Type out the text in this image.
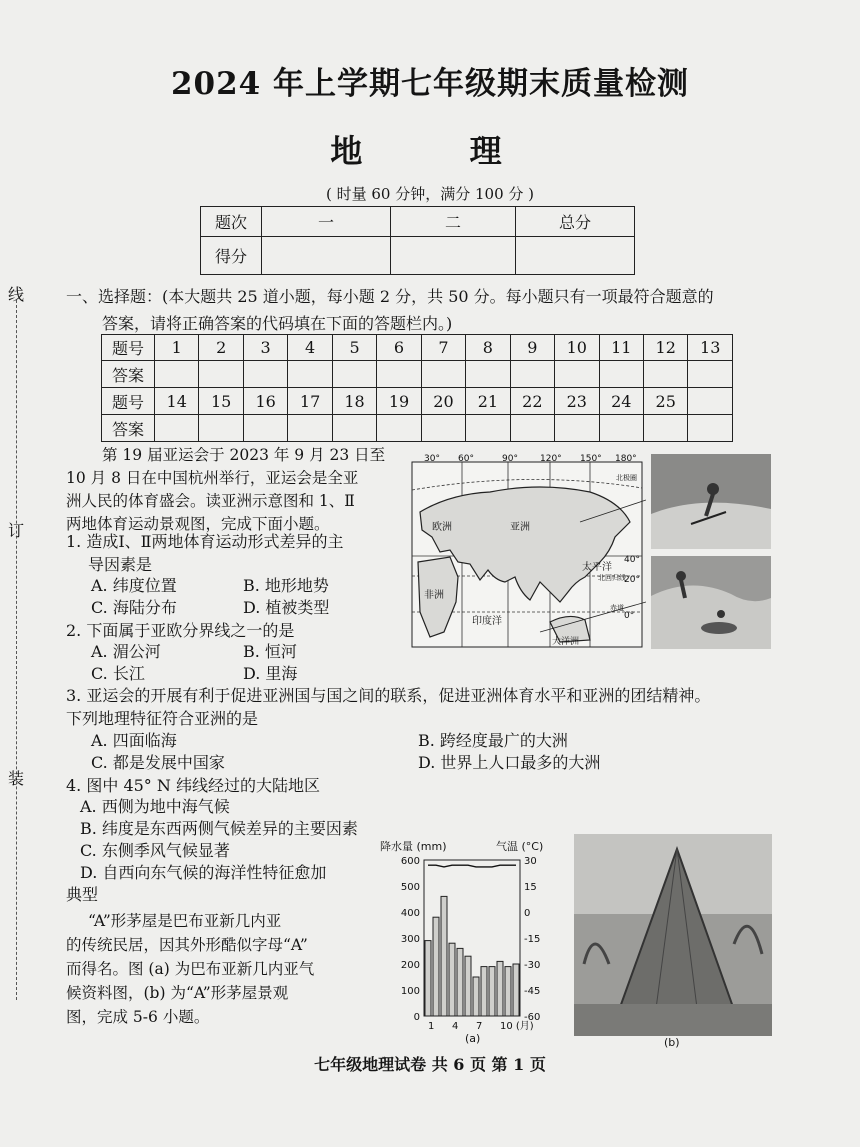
线
订
装
2024 年上学期七年级期末质量检测
地 理
( 时量 60 分钟，满分 100 分 )
题次	一	二	总分
得分			
一、选择题：(本大题共 25 道小题，每小题 2 分，共 50 分。每小题只有一项最符合题意的
答案，请将正确答案的代码填在下面的答题栏内。)
题号	1	2	3	4	5	6	7	8	9	10	11	12	13
答案													
题号	14	15	16	17	18	19	20	21	22	23	24	25	
答案													
第 19 届亚运会于 2023 年 9 月 23 日至
10 月 8 日在中国杭州举行，亚运会是全亚
洲人民的体育盛会。读亚洲示意图和 1、Ⅱ
两地体育运动景观图，完成下面小题。
1. 造成Ⅰ、Ⅱ两地体育运动形式差异的主
导因素是
A. 纬度位置	B. 地形地势
C. 海陆分布	D. 植被类型
2. 下面属于亚欧分界线之一的是
A. 湄公河	B. 恒河
C. 长江	D. 里海
3. 亚运会的开展有利于促进亚洲国与国之间的联系，促进亚洲体育水平和亚洲的团结精神。
下列地理特征符合亚洲的是
A. 四面临海	B. 跨经度最广的大洲
C. 都是发展中国家	D. 世界上人口最多的大洲
4. 图中 45° N 纬线经过的大陆地区
A. 西侧为地中海气候
B. 纬度是东西两侧气候差异的主要因素
C. 东侧季风气候显著
D. 自西向东气候的海洋性特征愈加
典型
“A”形茅屋是巴布亚新几内亚
的传统民居，因其外形酷似字母“A”
而得名。图 (a) 为巴布亚新几内亚气
候资料图，(b) 为“A”形茅屋景观
图，完成 5-6 小题。
30° 60°	90° 120° 150° 180°
40°
20°
0°
欧洲	亚洲
非洲
印度洋
太平洋
大洋洲
北回归线
赤道
北极圈
降水量 (mm)	气温 (°C)
600
500
400
300
200
100
0
30
15
0
-15
-30
-45
-60
1 4 7 10 (月)
(a)	(b)
七年级地理试卷 共 6 页 第 1 页
